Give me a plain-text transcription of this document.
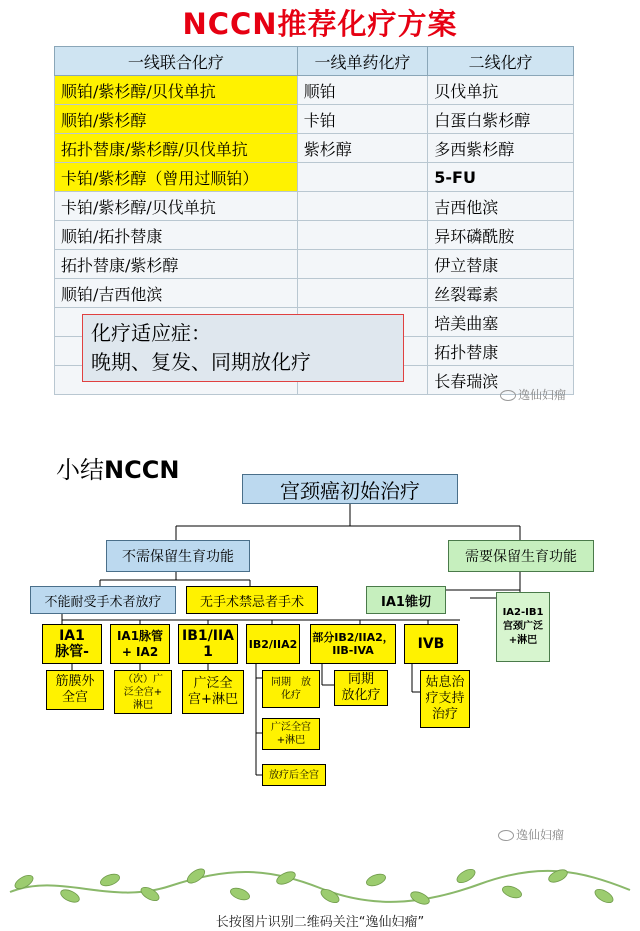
NCCN推荐化疗方案
一线联合化疗	一线单药化疗	二线化疗
顺铂/紫杉醇/贝伐单抗	顺铂	贝伐单抗
顺铂/紫杉醇	卡铂	白蛋白紫杉醇
拓扑替康/紫杉醇/贝伐单抗	紫杉醇	多西紫杉醇
卡铂/紫杉醇（曾用过顺铂）		5-FU
卡铂/紫杉醇/贝伐单抗		吉西他滨
顺铂/拓扑替康		异环磷酰胺
拓扑替康/紫杉醇		伊立替康
顺铂/吉西他滨		丝裂霉素
		培美曲塞
		拓扑替康
		长春瑞滨
化疗适应症：
晚期、复发、同期放化疗
逸仙妇瘤
小结NCCN
宫颈癌初始治疗
不需保留生育功能	需要保留生育功能
不能耐受手术者放疗	无手术禁忌者手术	IA1锥切
IA2-IB1宫颈广泛+淋巴
IA1
脉管-
IA1脉管
+ IA2
IB1/IIA
1	IB2/IIA2 部分IB2/IIA2，
IIB-IVA	IVB
筋膜外
全宫
（次）广
泛全宫+
淋巴
广泛全
宫+淋巴
同期　放
化疗
广泛全宫
+淋巴
放疗后全宫
同期
放化疗
姑息治
疗支持
治疗
逸仙妇瘤
长按图片识别二维码关注“逸仙妇瘤”
